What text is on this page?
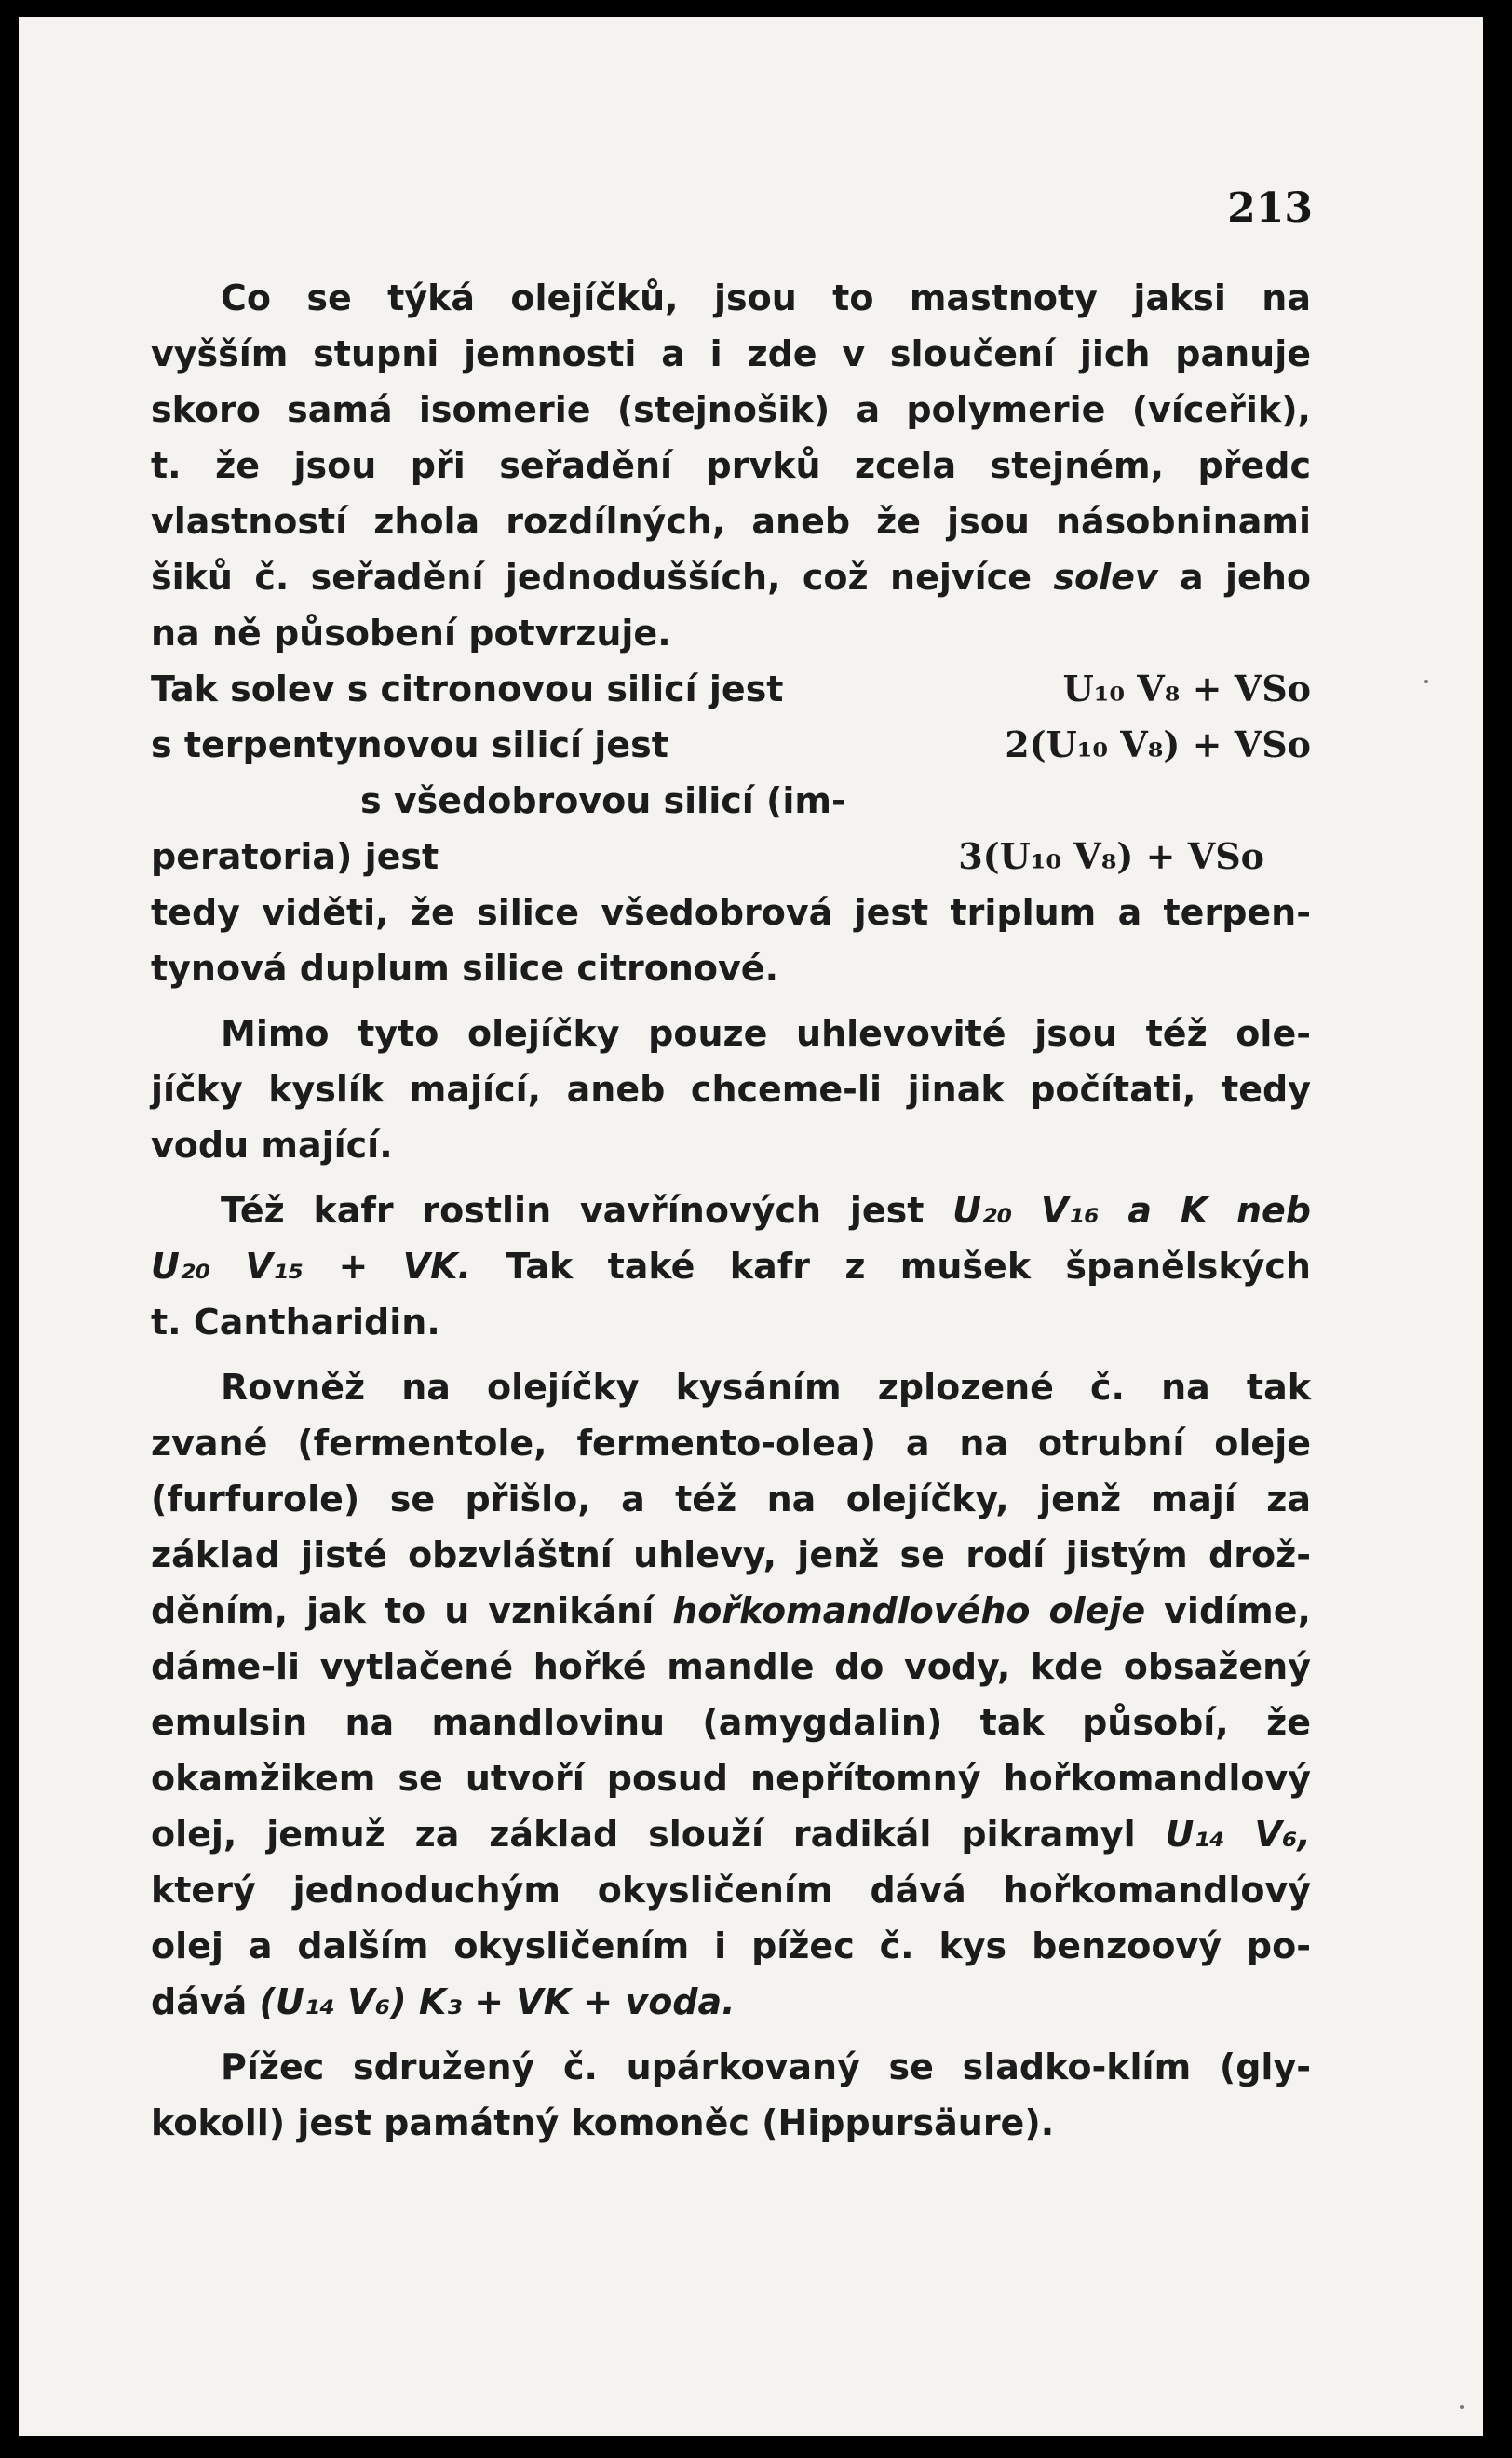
213
Co se týká olejíčků, jsou to mastnoty jaksi na
vyšším stupni jemnosti a i zde v sloučení jich panuje
skoro samá isomerie (stejnošik) a polymerie (víceřik),
t. že jsou při seřadění prvků zcela stejném, předc
vlastností zhola rozdílných, aneb že jsou násobninami
šiků č. seřadění jednodušších, což nejvíce solev a jeho
na ně působení potvrzuje.
Tak solev s citronovou silicí jest	U₁₀ V₈ + VSo
s terpentynovou silicí jest	2(U₁₀ V₈) + VSo
s všedobrovou silicí (im-
peratoria) jest	3(U₁₀ V₈) + VSo
tedy viděti, že silice všedobrová jest triplum a terpen-
tynová duplum silice citronové.
Mimo tyto olejíčky pouze uhlevovité jsou též ole-
jíčky kyslík mající, aneb chceme-li jinak počítati, tedy
vodu mající.
Též kafr rostlin vavřínových jest U₂₀ V₁₆ a K neb
U₂₀ V₁₅ + VK. Tak také kafr z mušek španělských
t. Cantharidin.
Rovněž na olejíčky kysáním zplozené č. na tak
zvané (fermentole, fermento-olea) a na otrubní oleje
(furfurole) se přišlo, a též na olejíčky, jenž mají za
základ jisté obzvláštní uhlevy, jenž se rodí jistým drož-
děním, jak to u vznikání hořkomandlového oleje vidíme,
dáme-li vytlačené hořké mandle do vody, kde obsažený
emulsin na mandlovinu (amygdalin) tak působí, že
okamžikem se utvoří posud nepřítomný hořkomandlový
olej, jemuž za základ slouží radikál pikramyl U₁₄ V₆,
který jednoduchým okysličením dává hořkomandlový
olej a dalším okysličením i pížec č. kys benzoový po-
dává (U₁₄ V₆) K₃ + VK + voda.
Pížec sdružený č. upárkovaný se sladko-klím (gly-
kokoll) jest památný komoněc (Hippursäure).
